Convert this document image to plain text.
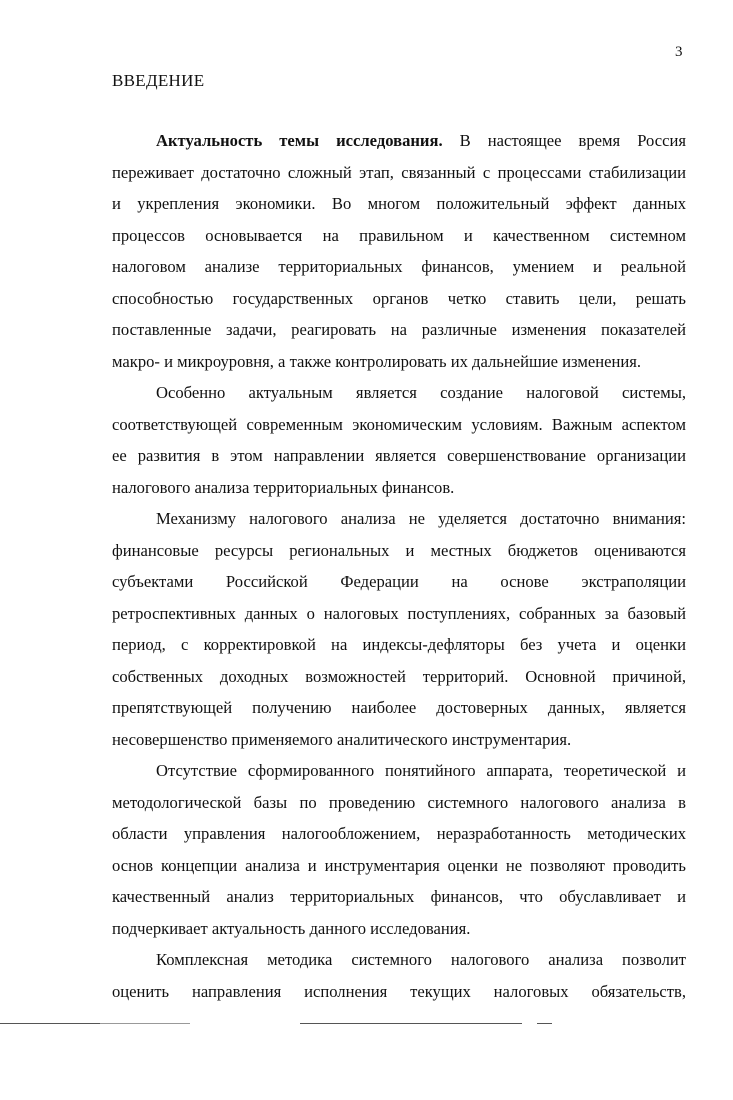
3
ВВЕДЕНИЕ
Актуальность темы исследования. В настоящее время Россия
переживает достаточно сложный этап, связанный с процессами стабилизации
и укрепления экономики. Во многом положительный эффект данных
процессов основывается на правильном и качественном системном
налоговом анализе территориальных финансов, умением и реальной
способностью государственных органов четко ставить цели, решать
поставленные задачи, реагировать на различные изменения показателей
макро- и микроуровня, а также контролировать их дальнейшие изменения.
Особенно актуальным является создание налоговой системы,
соответствующей современным экономическим условиям. Важным аспектом
ее развития в этом направлении является совершенствование организации
налогового анализа территориальных финансов.
Механизму налогового анализа не уделяется достаточно внимания:
финансовые ресурсы региональных и местных бюджетов оцениваются
субъектами Российской Федерации на основе экстраполяции
ретроспективных данных о налоговых поступлениях, собранных за базовый
период, с корректировкой на индексы-дефляторы без учета и оценки
собственных доходных возможностей территорий. Основной причиной,
препятствующей получению наиболее достоверных данных, является
несовершенство применяемого аналитического инструментария.
Отсутствие сформированного понятийного аппарата, теоретической и
методологической базы по проведению системного налогового анализа в
области управления налогообложением, неразработанность методических
основ концепции анализа и инструментария оценки не позволяют проводить
качественный анализ территориальных финансов, что обуславливает и
подчеркивает актуальность данного исследования.
Комплексная методика системного налогового анализа позволит
оценить направления исполнения текущих налоговых обязательств,
